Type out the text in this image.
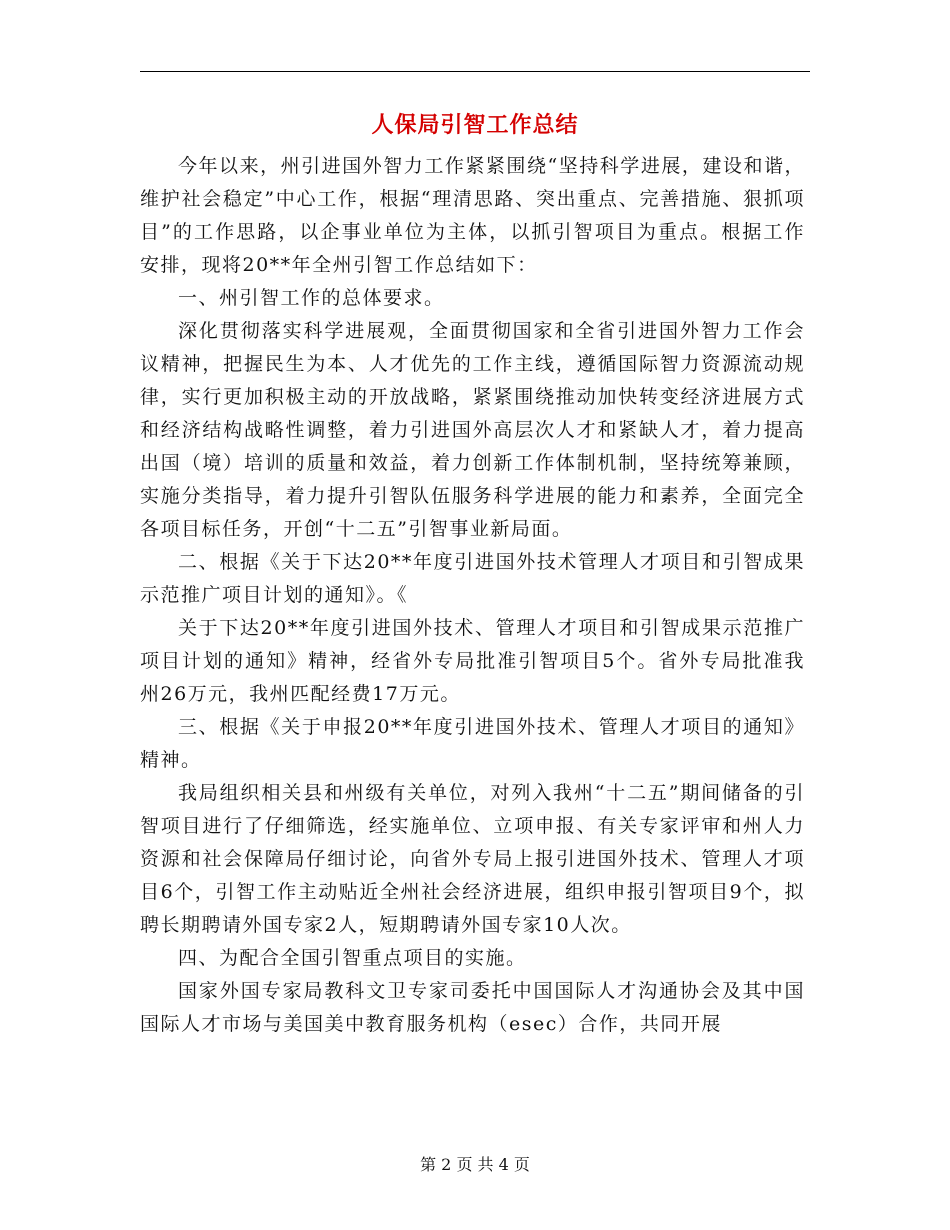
人保局引智工作总结

今年以来，州引进国外智力工作紧紧围绕“坚持科学进展，建设和谐，维护社会稳定”中心工作，根据“理清思路、突出重点、完善措施、狠抓项目”的工作思路，以企事业单位为主体，以抓引智项目为重点。根据工作安排，现将20**年全州引智工作总结如下：

一、州引智工作的总体要求。

深化贯彻落实科学进展观，全面贯彻国家和全省引进国外智力工作会议精神，把握民生为本、人才优先的工作主线，遵循国际智力资源流动规律，实行更加积极主动的开放战略，紧紧围绕推动加快转变经济进展方式和经济结构战略性调整，着力引进国外高层次人才和紧缺人才，着力提高出国（境）培训的质量和效益，着力创新工作体制机制，坚持统筹兼顾，实施分类指导，着力提升引智队伍服务科学进展的能力和素养，全面完全各项目标任务，开创“十二五”引智事业新局面。

二、根据《关于下达20**年度引进国外技术管理人才项目和引智成果示范推广项目计划的通知》。《

关于下达20**年度引进国外技术、管理人才项目和引智成果示范推广项目计划的通知》精神，经省外专局批准引智项目5个。省外专局批准我州26万元，我州匹配经费17万元。

三、根据《关于申报20**年度引进国外技术、管理人才项目的通知》精神。

我局组织相关县和州级有关单位，对列入我州“十二五”期间储备的引智项目进行了仔细筛选，经实施单位、立项申报、有关专家评审和州人力资源和社会保障局仔细讨论，向省外专局上报引进国外技术、管理人才项目6个，引智工作主动贴近全州社会经济进展，组织申报引智项目9个，拟聘长期聘请外国专家2人，短期聘请外国专家10人次。

四、为配合全国引智重点项目的实施。

国家外国专家局教科文卫专家司委托中国国际人才沟通协会及其中国国际人才市场与美国美中教育服务机构（esec）合作，共同开展

第 2 页 共 4 页
